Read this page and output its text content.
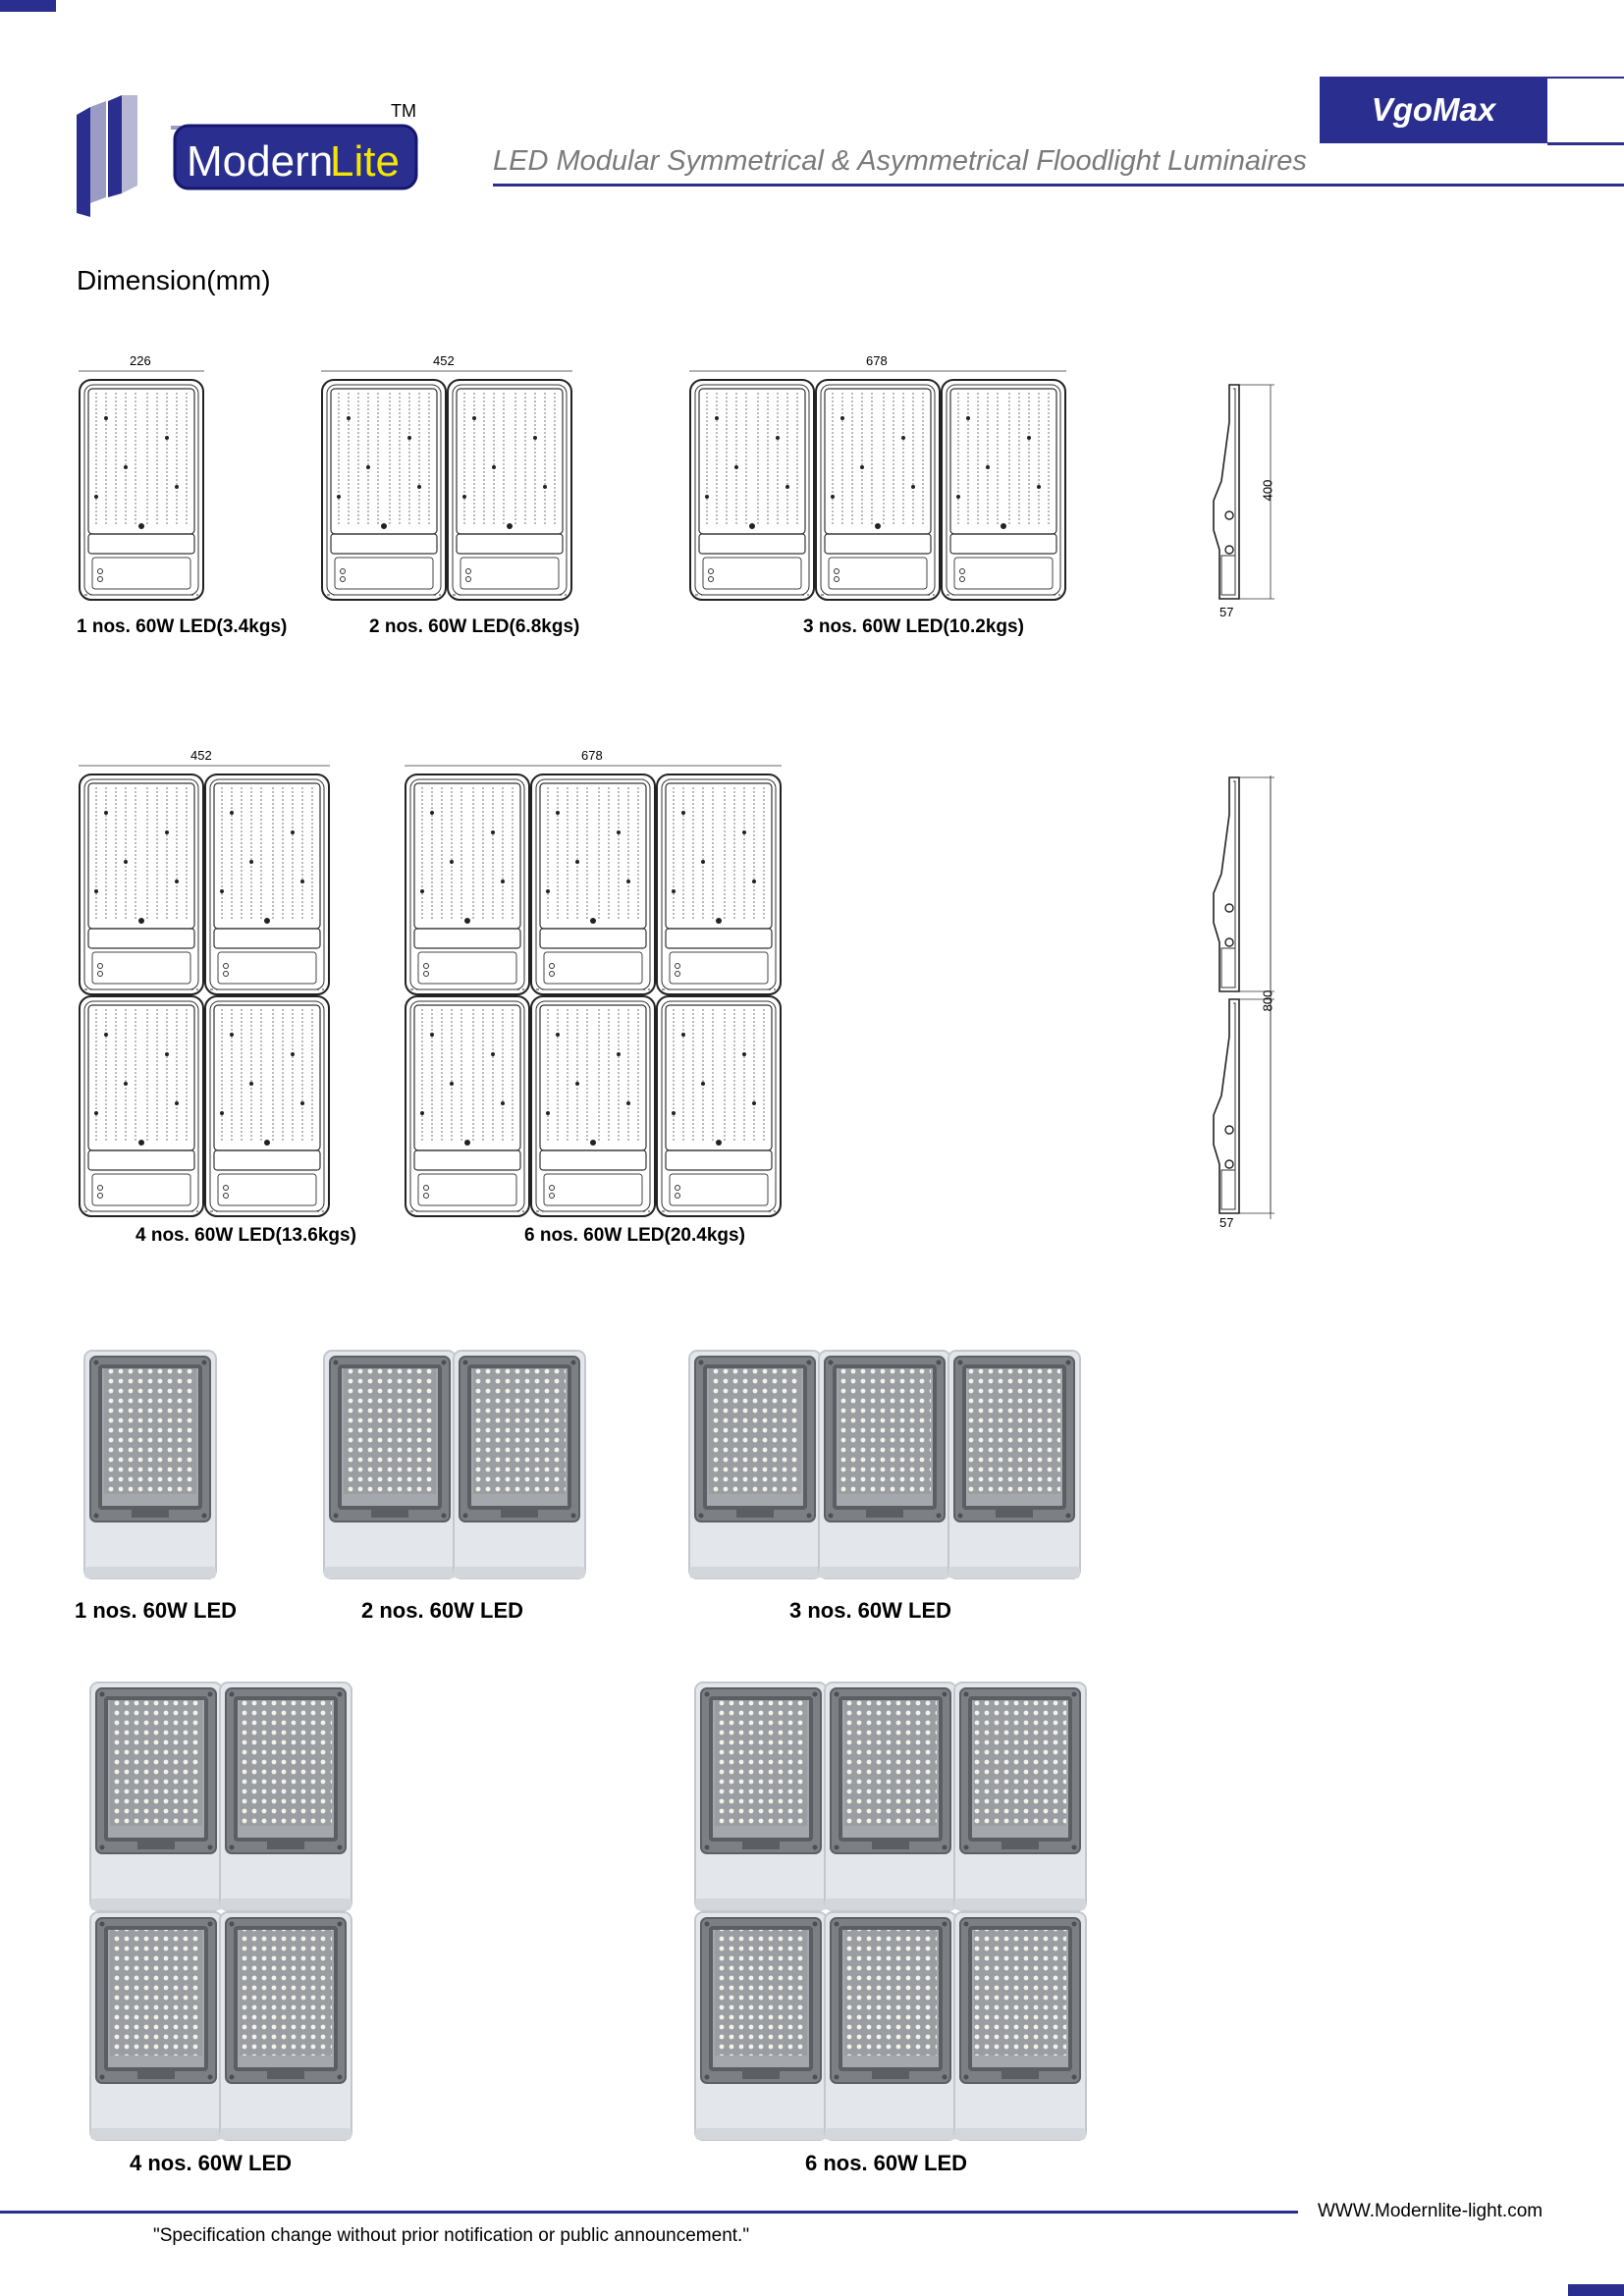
Modern
Lite
TM	VgoMax
LED Modular Symmetrical & Asymmetrical Floodlight Luminaires
Dimension(mm)
226
1 nos. 60W LED(3.4kgs)
452
2 nos. 60W LED(6.8kgs)
678
3 nos. 60W LED(10.2kgs)
400
57
452
4 nos. 60W LED(13.6kgs)
678
6 nos. 60W LED(20.4kgs)
800
57
1 nos. 60W LED	2 nos. 60W LED	3 nos. 60W LED
4 nos. 60W LED	6 nos. 60W LED
WWW.Modernlite-light.com
"Specification change without prior notification or public announcement."
